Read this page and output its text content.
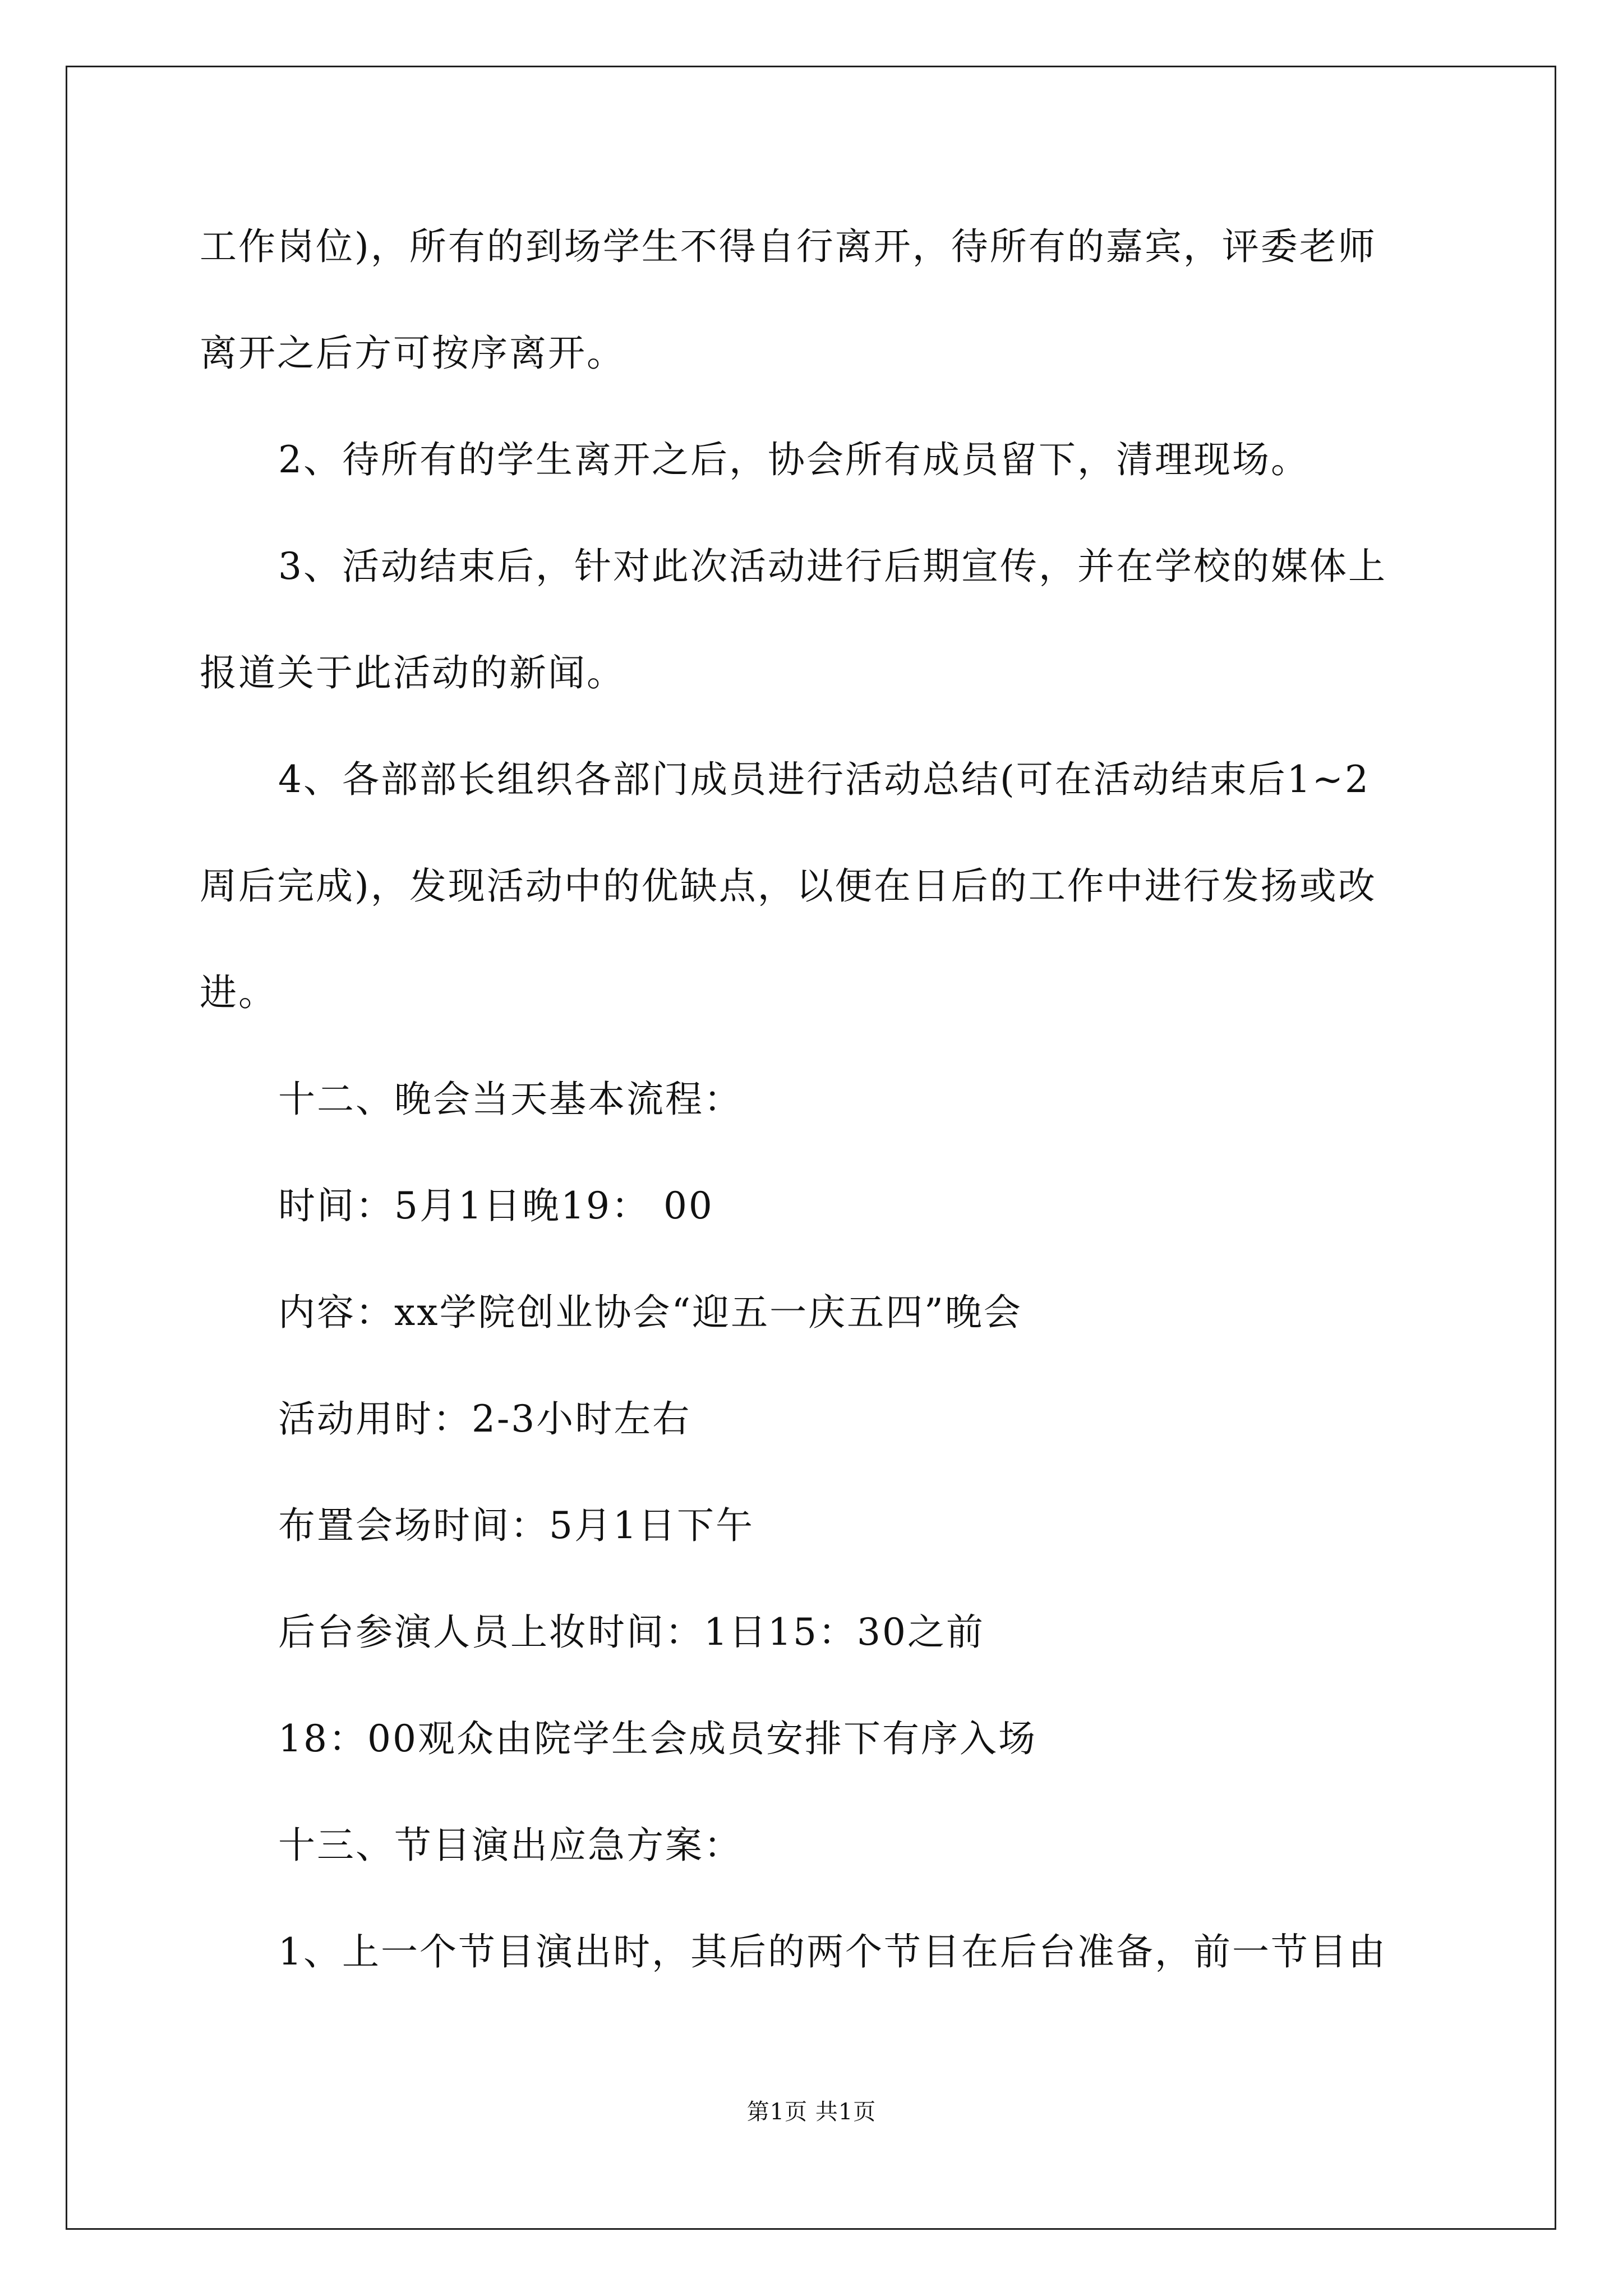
工作岗位)，所有的到场学生不得自行离开，待所有的嘉宾，评委老师
离开之后方可按序离开。
2、待所有的学生离开之后，协会所有成员留下，清理现场。
3、活动结束后，针对此次活动进行后期宣传，并在学校的媒体上
报道关于此活动的新闻。
4、各部部长组织各部门成员进行活动总结(可在活动结束后1~2
周后完成)，发现活动中的优缺点，以便在日后的工作中进行发扬或改
进。
十二、晚会当天基本流程：
时间：5月1日晚19： 00
内容：xx学院创业协会“迎五一庆五四”晚会
活动用时：2-3小时左右
布置会场时间：5月1日下午
后台参演人员上妆时间：1日15：30之前
18：00观众由院学生会成员安排下有序入场
十三、节目演出应急方案：
1、上一个节目演出时，其后的两个节目在后台准备，前一节目由
第1页 共1页
